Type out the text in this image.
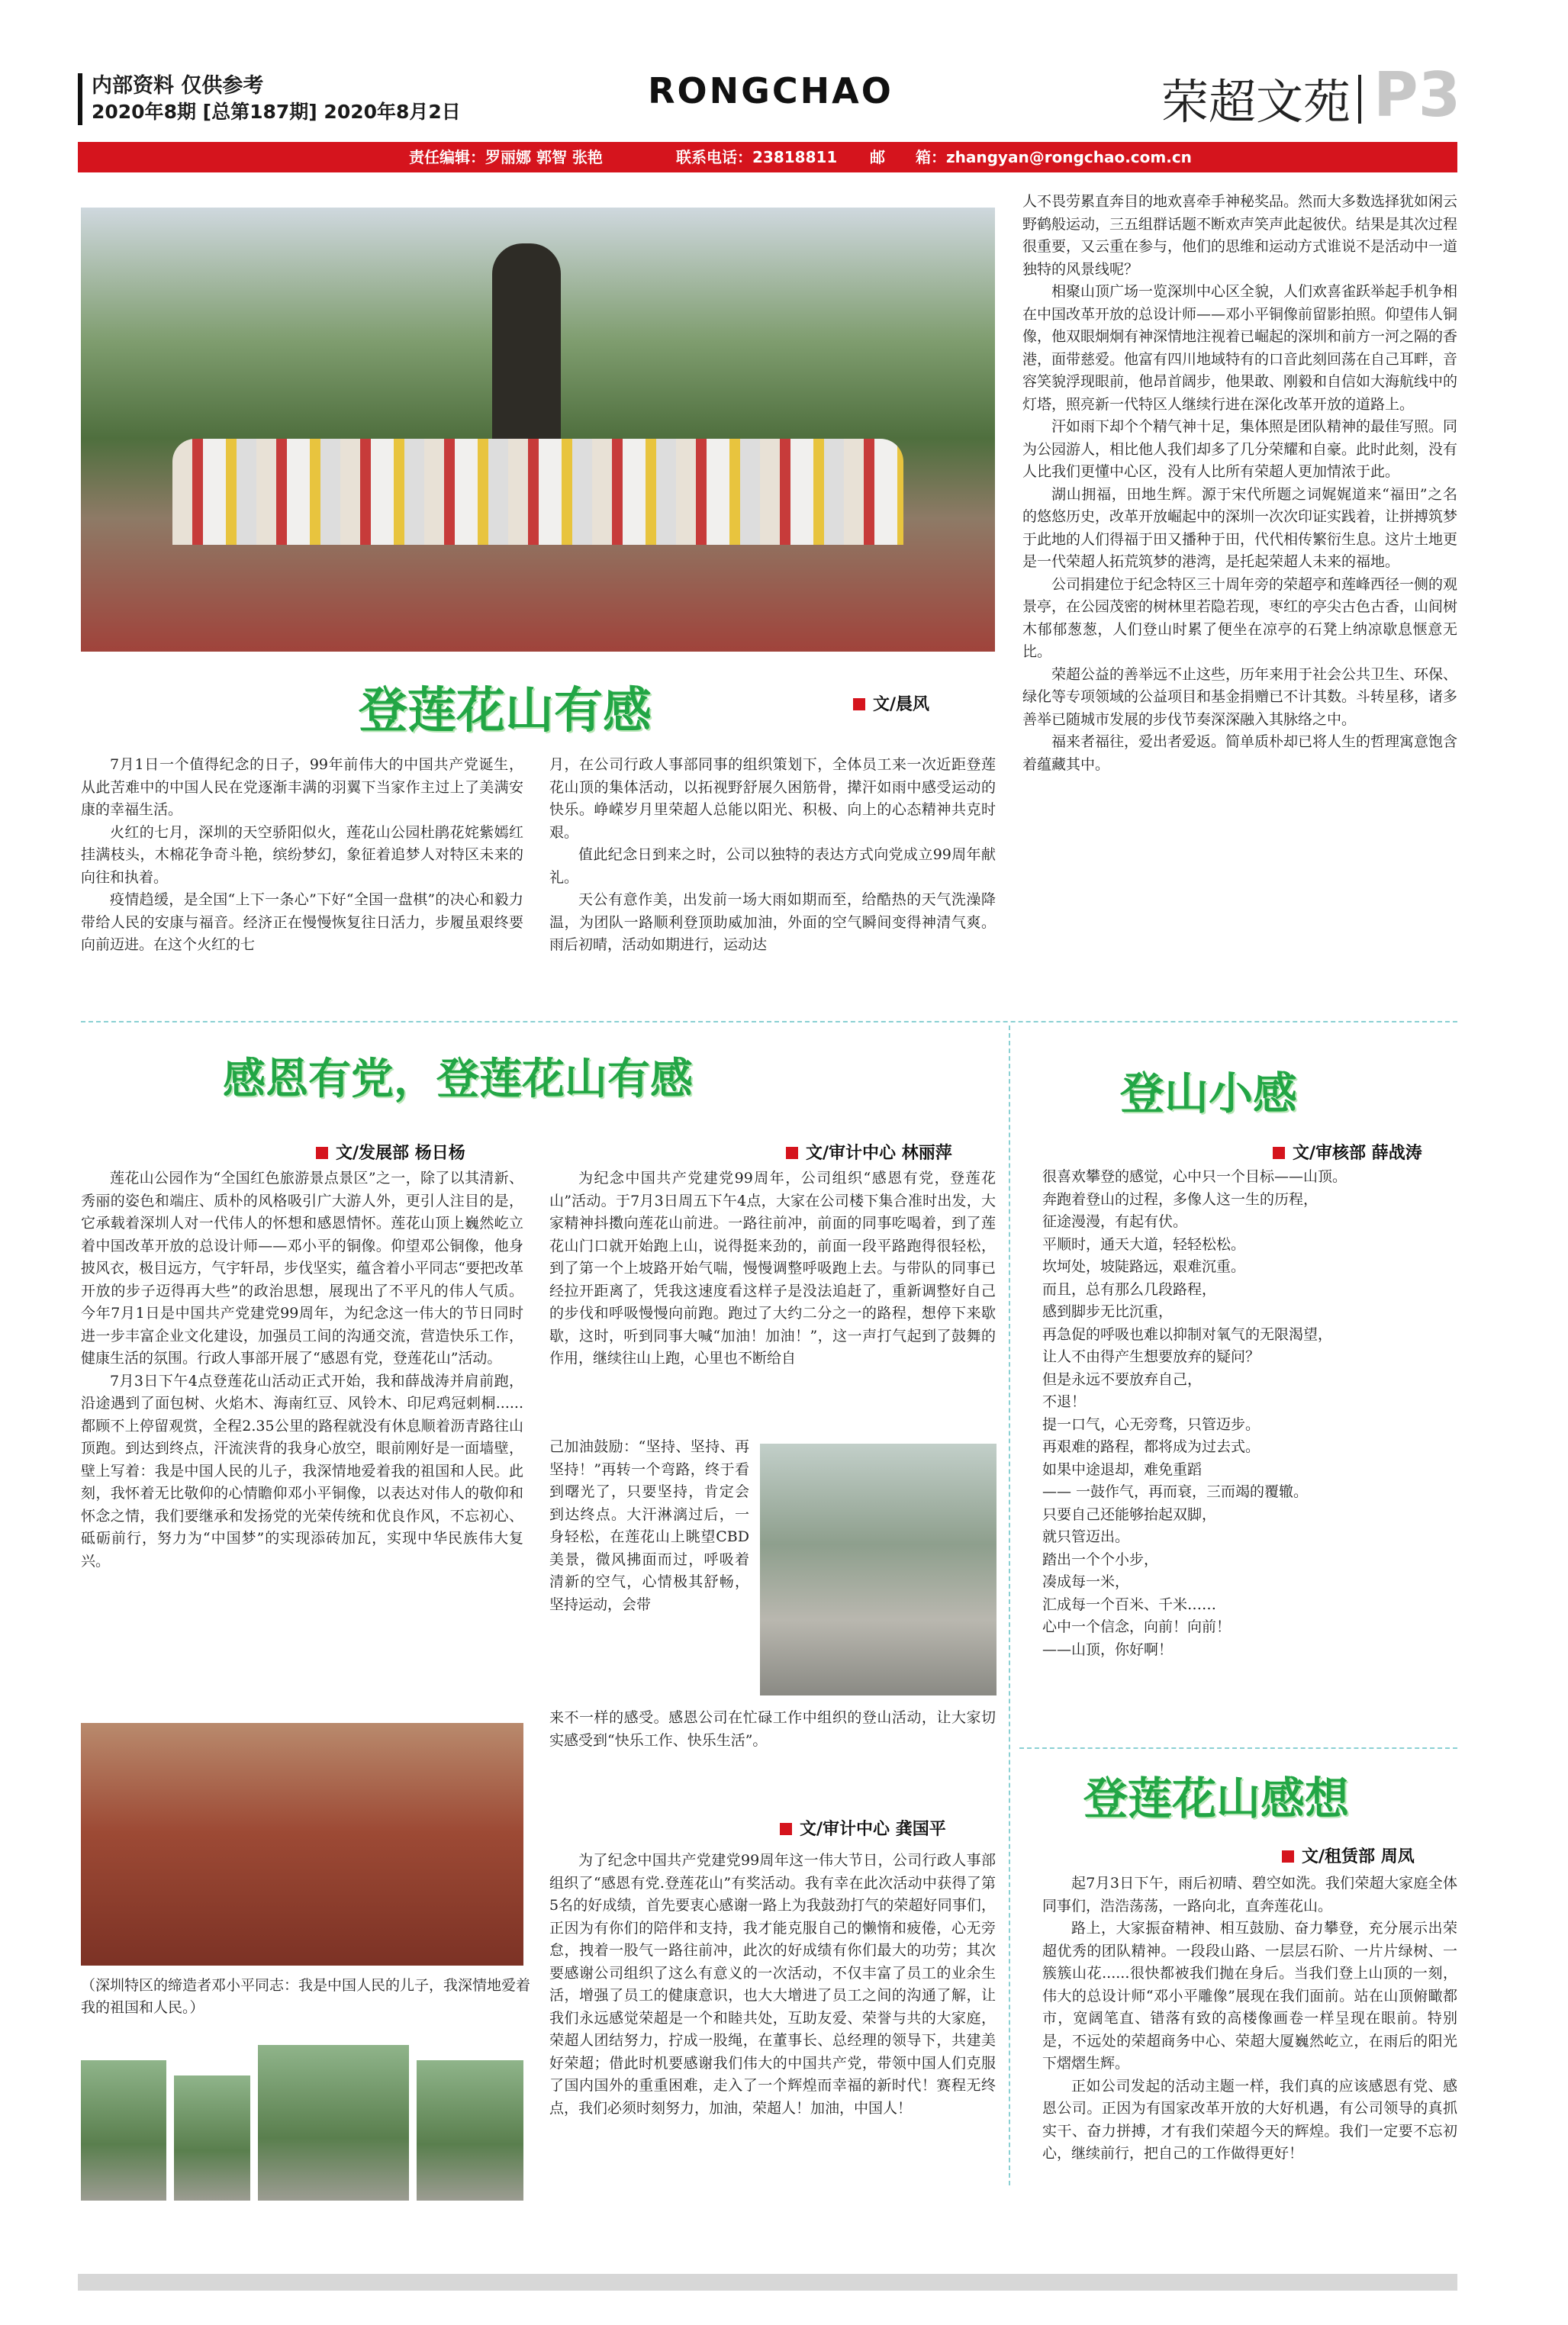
内部资料 仅供参考
2020年8期 [总第187期] 2020年8月2日
RONGCHAO	荣超文苑 P3
责任编辑：罗丽娜 郭智 张艳	联系电话：23818811 邮　　箱：zhangyan@rongchao.com.cn
登莲花山有感	文/晨风

7月1日一个值得纪念的日子，99年前伟大的中国共产党诞生，从此苦难中的中国人民在党逐渐丰满的羽翼下当家作主过上了美满安康的幸福生活。

火红的七月，深圳的天空骄阳似火，莲花山公园杜鹃花姹紫嫣红挂满枝头，木棉花争奇斗艳，缤纷梦幻，象征着追梦人对特区未来的向往和执着。

疫情趋缓，是全国“上下一条心”下好“全国一盘棋”的决心和毅力带给人民的安康与福音。经济正在慢慢恢复往日活力，步履虽艰终要向前迈进。在这个火红的七

月，在公司行政人事部同事的组织策划下，全体员工来一次近距登莲花山顶的集体活动，以拓视野舒展久困筋骨，撵汗如雨中感受运动的快乐。峥嵘岁月里荣超人总能以阳光、积极、向上的心态精神共克时艰。

值此纪念日到来之时，公司以独特的表达方式向党成立99周年献礼。

天公有意作美，出发前一场大雨如期而至，给酷热的天气洗澡降温，为团队一路顺利登顶助威加油，外面的空气瞬间变得神清气爽。雨后初晴，活动如期进行，运动达

人不畏劳累直奔目的地欢喜牵手神秘奖品。然而大多数选择犹如闲云野鹤般运动，三五组群话题不断欢声笑声此起彼伏。结果是其次过程很重要，又云重在参与，他们的思维和运动方式谁说不是活动中一道独特的风景线呢？

相聚山顶广场一览深圳中心区全貌，人们欢喜雀跃举起手机争相在中国改革开放的总设计师——邓小平铜像前留影拍照。仰望伟人铜像，他双眼炯炯有神深情地注视着已崛起的深圳和前方一河之隔的香港，面带慈爱。他富有四川地域特有的口音此刻回荡在自己耳畔，音容笑貌浮现眼前，他昂首阔步，他果敢、刚毅和自信如大海航线中的灯塔，照亮新一代特区人继续行进在深化改革开放的道路上。

汗如雨下却个个精气神十足，集体照是团队精神的最佳写照。同为公园游人，相比他人我们却多了几分荣耀和自豪。此时此刻，没有人比我们更懂中心区，没有人比所有荣超人更加情浓于此。

湖山拥福，田地生辉。源于宋代所题之词娓娓道来“福田”之名的悠悠历史，改革开放崛起中的深圳一次次印证实践着，让拼搏筑梦于此地的人们得福于田又播种于田，代代相传繁衍生息。这片土地更是一代荣超人拓荒筑梦的港湾，是托起荣超人未来的福地。

公司捐建位于纪念特区三十周年旁的荣超亭和莲峰西径一侧的观景亭，在公园茂密的树林里若隐若现，枣红的亭尖古色古香，山间树木郁郁葱葱，人们登山时累了便坐在凉亭的石凳上纳凉歇息惬意无比。

荣超公益的善举远不止这些，历年来用于社会公共卫生、环保、绿化等专项领域的公益项目和基金捐赠已不计其数。斗转星移，诸多善举已随城市发展的步伐节奏深深融入其脉络之中。

福来者福往，爱出者爱返。简单质朴却已将人生的哲理寓意饱含着蕴藏其中。

感恩有党，登莲花山有感
文/发展部 杨日杨

莲花山公园作为“全国红色旅游景点景区”之一，除了以其清新、秀丽的姿色和端庄、质朴的风格吸引广大游人外，更引人注目的是，它承载着深圳人对一代伟人的怀想和感恩情怀。莲花山顶上巍然屹立着中国改革开放的总设计师——邓小平的铜像。仰望邓公铜像，他身披风衣，极目远方，气宇轩昂，步伐坚实，蕴含着小平同志“要把改革开放的步子迈得再大些”的政治思想，展现出了不平凡的伟人气质。 今年7月1日是中国共产党建党99周年，为纪念这一伟大的节日同时进一步丰富企业文化建设，加强员工间的沟通交流，营造快乐工作，健康生活的氛围。行政人事部开展了“感恩有党，登莲花山”活动。

7月3日下午4点登莲花山活动正式开始，我和薛战涛并肩前跑，沿途遇到了面包树、火焰木、海南红豆、风铃木、印尼鸡冠刺桐......都顾不上停留观赏，全程2.35公里的路程就没有休息顺着沥青路往山顶跑。到达到终点，汗流浃背的我身心放空，眼前刚好是一面墙壁，壁上写着：我是中国人民的儿子，我深情地爱着我的祖国和人民。此刻，我怀着无比敬仰的心情瞻仰邓小平铜像，以表达对伟人的敬仰和怀念之情，我们要继承和发扬党的光荣传统和优良作风，不忘初心、砥砺前行，努力为“中国梦”的实现添砖加瓦，实现中华民族伟大复兴。

（深圳特区的缔造者邓小平同志：我是中国人民的儿子，我深情地爱着我的祖国和人民。）
文/审计中心 林丽萍

为纪念中国共产党建党99周年，公司组织“感恩有党，登莲花山”活动。于7月3日周五下午4点，大家在公司楼下集合准时出发，大家精神抖擞向莲花山前进。一路往前冲，前面的同事吃喝着，到了莲花山门口就开始跑上山，说得挺来劲的，前面一段平路跑得很轻松，到了第一个上坡路开始气喘，慢慢调整呼吸跑上去。与带队的同事已经拉开距离了，凭我这速度看这样子是没法追赶了，重新调整好自己的步伐和呼吸慢慢向前跑。跑过了大约二分之一的路程，想停下来歇歇，这时，听到同事大喊“加油！加油！”，这一声打气起到了鼓舞的作用，继续往山上跑，心里也不断给自

己加油鼓励：“坚持、坚持、再坚持！”再转一个弯路，终于看到曙光了，只要坚持，肯定会到达终点。大汗淋漓过后，一身轻松，在莲花山上眺望CBD美景，微风拂面而过，呼吸着清新的空气，心情极其舒畅，坚持运动，会带

来不一样的感受。感恩公司在忙碌工作中组织的登山活动，让大家切实感受到“快乐工作、快乐生活”。

文/审计中心 龚国平

为了纪念中国共产党建党99周年这一伟大节日，公司行政人事部组织了“感恩有党.登莲花山”有奖活动。我有幸在此次活动中获得了第5名的好成绩，首先要衷心感谢一路上为我鼓劲打气的荣超好同事们，正因为有你们的陪伴和支持，我才能克服自己的懒惰和疲倦，心无旁怠，拽着一股气一路往前冲，此次的好成绩有你们最大的功劳；其次要感谢公司组织了这么有意义的一次活动，不仅丰富了员工的业余生活，增强了员工的健康意识，也大大增进了员工之间的沟通了解，让我们永远感觉荣超是一个和睦共处，互助友爱、荣誉与共的大家庭，荣超人团结努力，拧成一股绳，在董事长、总经理的领导下，共建美好荣超；借此时机要感谢我们伟大的中国共产党，带领中国人们克服了国内国外的重重困难，走入了一个辉煌而幸福的新时代！赛程无终点，我们必须时刻努力，加油，荣超人！加油，中国人！

登山小感
文/审核部 薛战涛

很喜欢攀登的感觉，心中只一个目标——山顶。

奔跑着登山的过程，多像人这一生的历程，

征途漫漫，有起有伏。

平顺时，通天大道，轻轻松松。

坎坷处，坡陡路远，艰难沉重。

而且，总有那么几段路程，

感到脚步无比沉重，

再急促的呼吸也难以抑制对氧气的无限渴望，

让人不由得产生想要放弃的疑问？

但是永远不要放弃自己，

不退！

提一口气，心无旁骛，只管迈步。

再艰难的路程，都将成为过去式。

如果中途退却，难免重蹈

—— 一鼓作气，再而衰，三而竭的覆辙。

只要自己还能够抬起双脚，

就只管迈出。

踏出一个个小步，

凑成每一米，

汇成每一个百米、千米……

心中一个信念，向前！向前！

——山顶，你好啊！

登莲花山感想
文/租赁部 周凤

起7月3日下午，雨后初晴、碧空如洗。我们荣超大家庭全体同事们，浩浩荡荡，一路向北，直奔莲花山。

路上，大家振奋精神、相互鼓励、奋力攀登，充分展示出荣超优秀的团队精神。一段段山路、一层层石阶、一片片绿树、一簇簇山花......很快都被我们抛在身后。当我们登上山顶的一刻，伟大的总设计师“邓小平雕像”展现在我们面前。站在山顶俯瞰都市，宽阔笔直、错落有致的高楼像画卷一样呈现在眼前。特别是，不远处的荣超商务中心、荣超大厦巍然屹立，在雨后的阳光下熠熠生辉。

正如公司发起的活动主题一样，我们真的应该感恩有党、感恩公司。正因为有国家改革开放的大好机遇，有公司领导的真抓实干、奋力拼搏，才有我们荣超今天的辉煌。我们一定要不忘初心，继续前行，把自己的工作做得更好！
